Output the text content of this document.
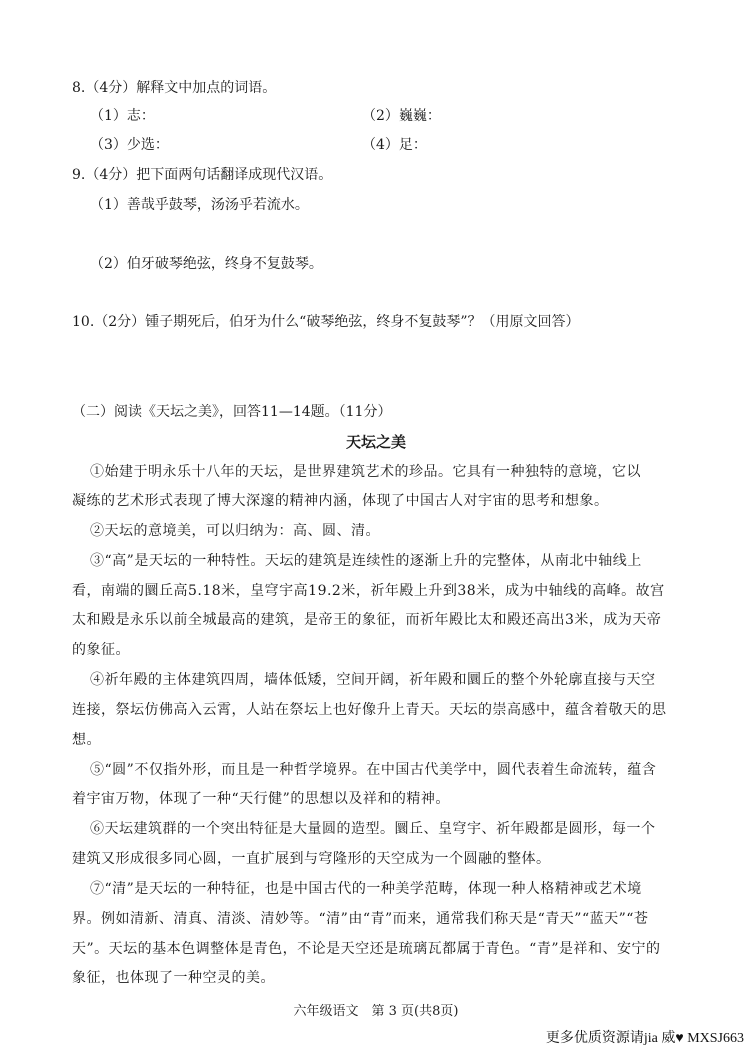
8.（4分）解释文中加点的词语。
（1）志：	（2）巍巍：
（3）少选：	（4）足：
9.（4分）把下面两句话翻译成现代汉语。
（1）善哉乎鼓琴，汤汤乎若流水。
（2）伯牙破琴绝弦，终身不复鼓琴。
10.（2分）锺子期死后，伯牙为什么“破琴绝弦，终身不复鼓琴”？（用原文回答）
（二）阅读《天坛之美》，回答11—14题。（11分）
天坛之美
①始建于明永乐十八年的天坛，是世界建筑艺术的珍品。它具有一种独特的意境，它以
凝练的艺术形式表现了博大深邃的精神内涵，体现了中国古人对宇宙的思考和想象。
②天坛的意境美，可以归纳为：高、圆、清。
③“高”是天坛的一种特性。天坛的建筑是连续性的逐渐上升的完整体，从南北中轴线上
看，南端的圜丘高5.18米，皇穹宇高19.2米，祈年殿上升到38米，成为中轴线的高峰。故宫
太和殿是永乐以前全城最高的建筑，是帝王的象征，而祈年殿比太和殿还高出3米，成为天帝
的象征。
④祈年殿的主体建筑四周，墙体低矮，空间开阔，祈年殿和圜丘的整个外轮廓直接与天空
连接，祭坛仿佛高入云霄，人站在祭坛上也好像升上青天。天坛的崇高感中，蕴含着敬天的思
想。
⑤“圆”不仅指外形，而且是一种哲学境界。在中国古代美学中，圆代表着生命流转，蕴含
着宇宙万物，体现了一种“天行健”的思想以及祥和的精神。
⑥天坛建筑群的一个突出特征是大量圆的造型。圜丘、皇穹宇、祈年殿都是圆形，每一个
建筑又形成很多同心圆，一直扩展到与穹隆形的天空成为一个圆融的整体。
⑦“清”是天坛的一种特征，也是中国古代的一种美学范畴，体现一种人格精神或艺术境
界。例如清新、清真、清淡、清妙等。“清”由“青”而来，通常我们称天是“青天”“蓝天”“苍
天”。天坛的基本色调整体是青色，不论是天空还是琉璃瓦都属于青色。“青”是祥和、安宁的
象征，也体现了一种空灵的美。
六年级语文　第 3 页(共8页)
更多优质资源请jia 威♥ MXSJ663
